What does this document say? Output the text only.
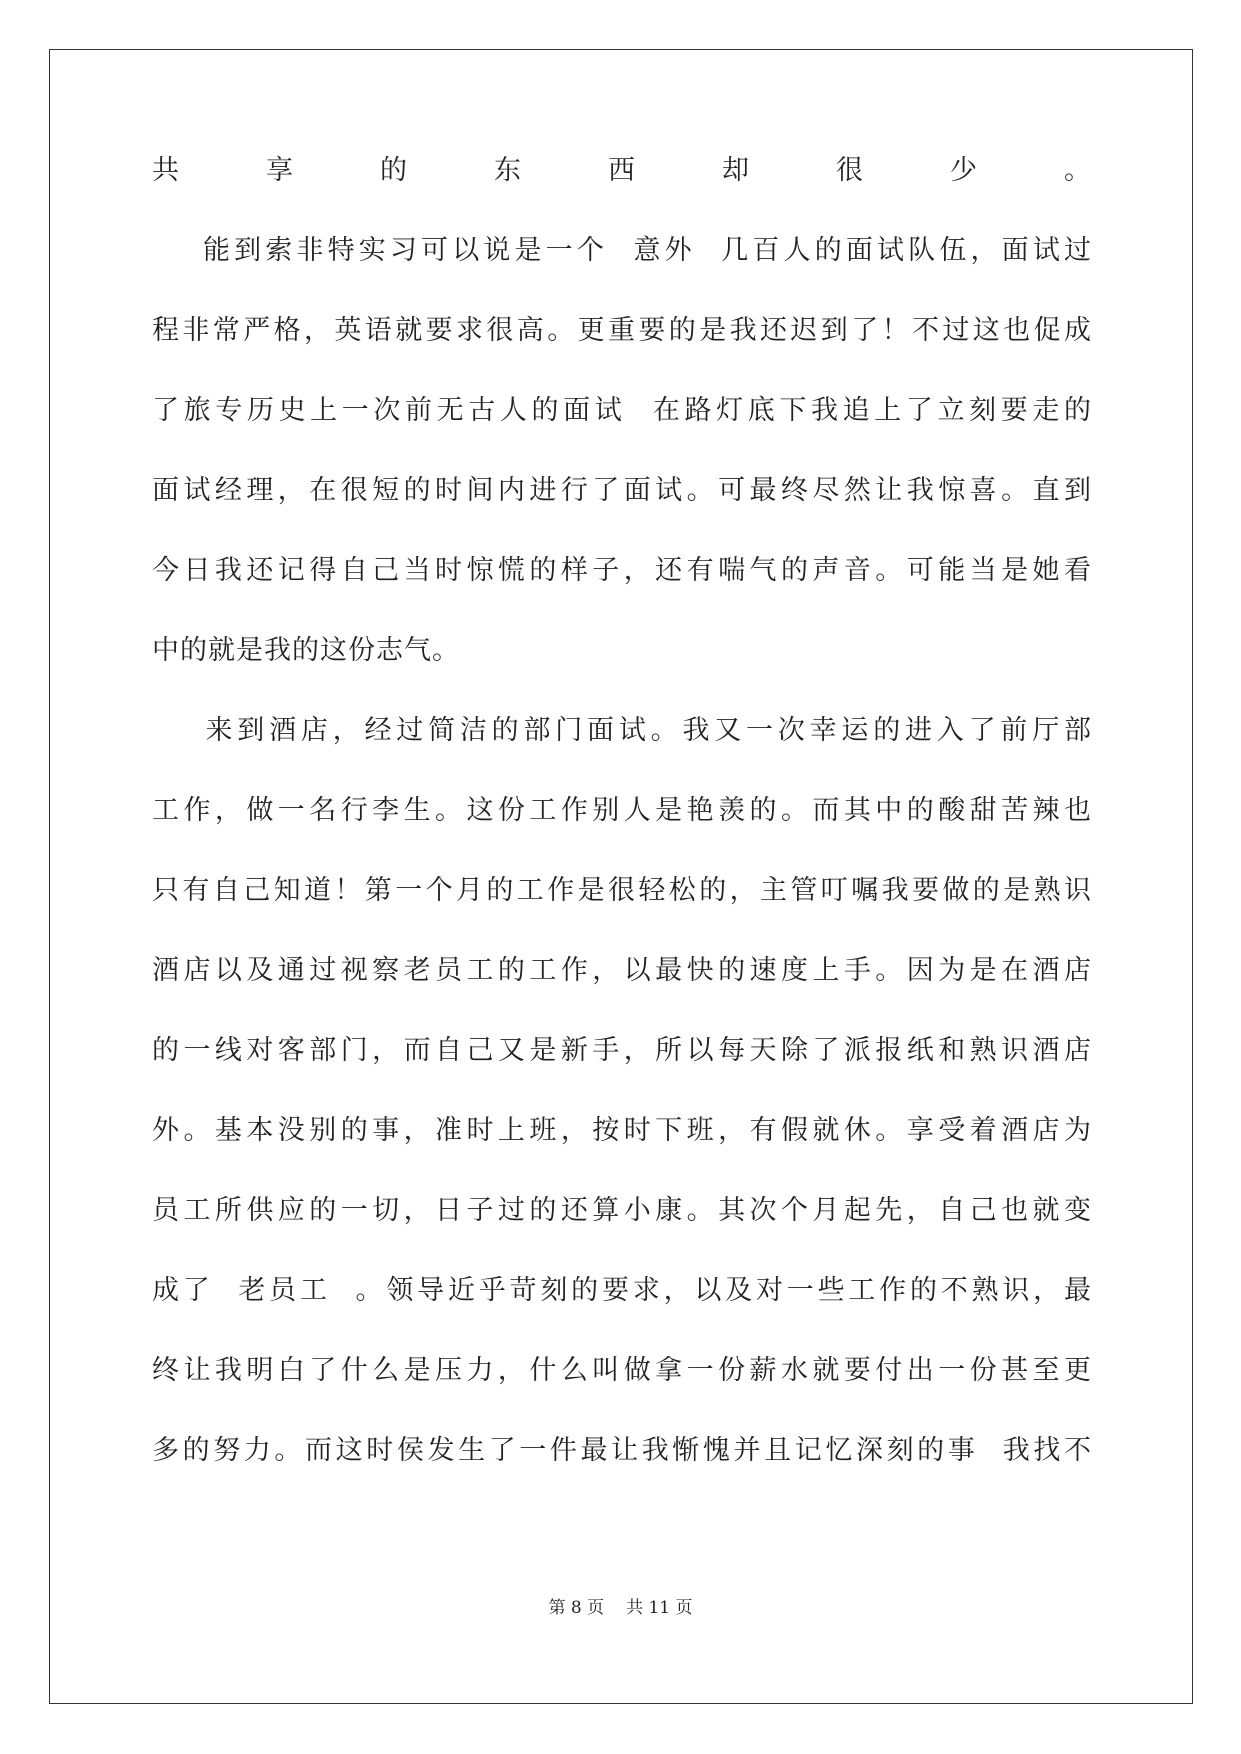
共享的东西却很少。
能到索非特实习可以说是一个  意外  几百人的面试队伍，面试过
程非常严格，英语就要求很高。更重要的是我还迟到了！不过这也促成
了旅专历史上一次前无古人的面试  在路灯底下我追上了立刻要走的
面试经理，在很短的时间内进行了面试。可最终尽然让我惊喜。直到
今日我还记得自己当时惊慌的样子，还有喘气的声音。可能当是她看
中的就是我的这份志气。
来到酒店，经过简洁的部门面试。我又一次幸运的进入了前厅部
工作，做一名行李生。这份工作别人是艳羡的。而其中的酸甜苦辣也
只有自己知道！第一个月的工作是很轻松的，主管叮嘱我要做的是熟识
酒店以及通过视察老员工的工作，以最快的速度上手。因为是在酒店
的一线对客部门，而自己又是新手，所以每天除了派报纸和熟识酒店
外。基本没别的事，准时上班，按时下班，有假就休。享受着酒店为
员工所供应的一切，日子过的还算小康。其次个月起先，自己也就变
成了  老员工  。领导近乎苛刻的要求，以及对一些工作的不熟识，最
终让我明白了什么是压力，什么叫做拿一份薪水就要付出一份甚至更
多的努力。而这时侯发生了一件最让我惭愧并且记忆深刻的事  我找不
第 8 页 共 11 页
